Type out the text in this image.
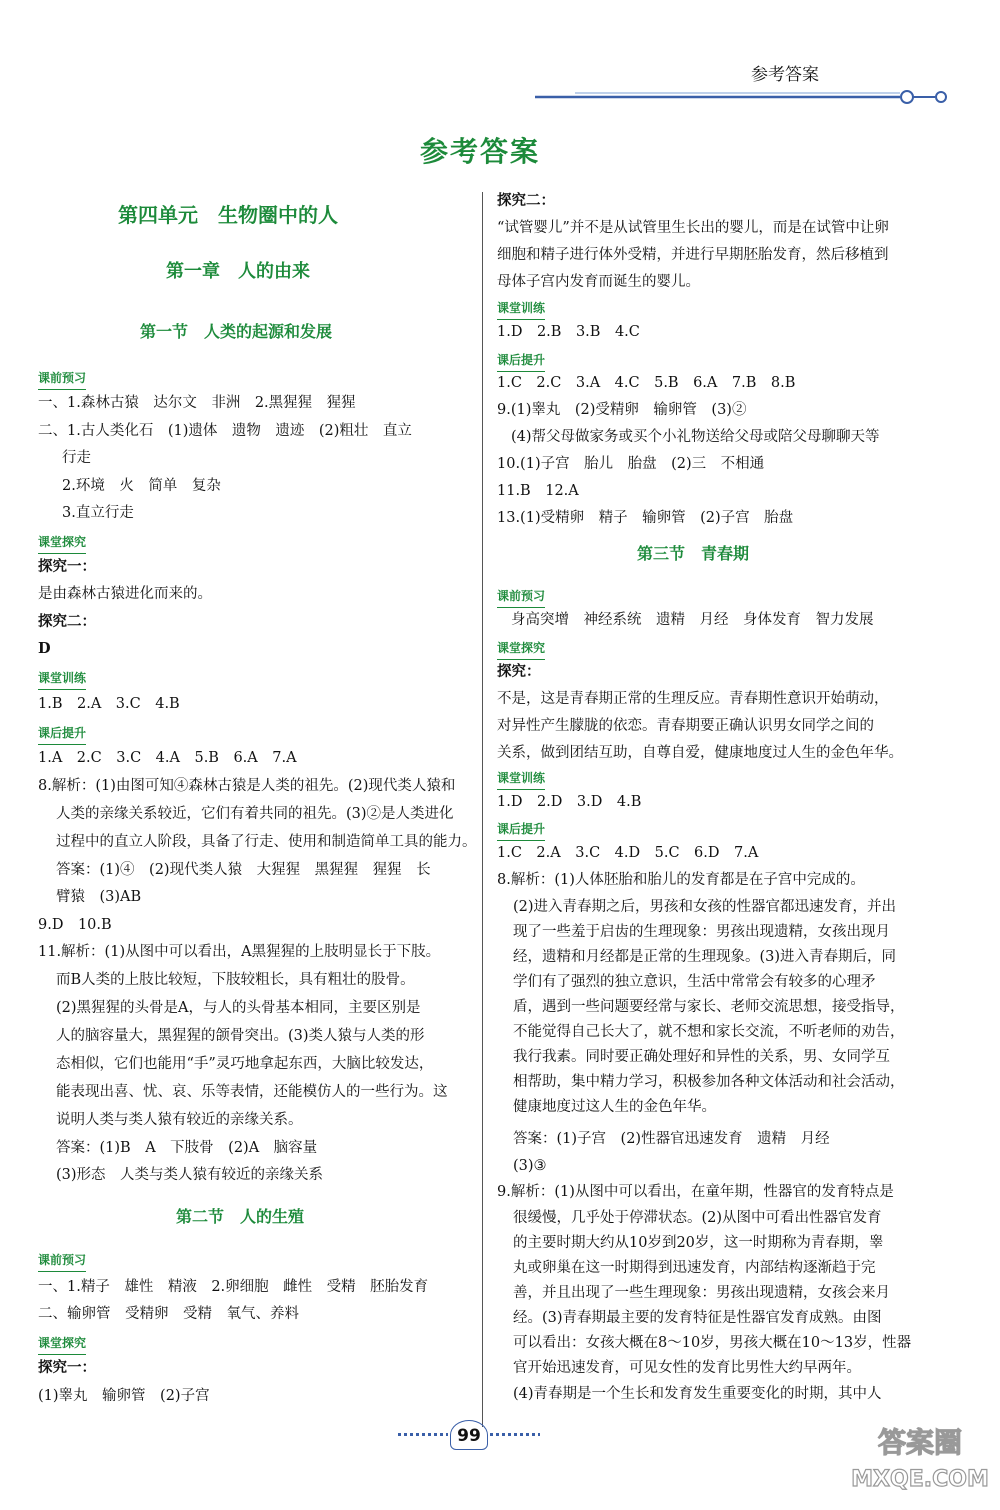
参考答案
参考答案
第四单元　生物圈中的人
第一章　人的由来
第一节　人类的起源和发展
课前预习
一、1.森林古猿　达尔文　非洲　2.黑猩猩　猩猩
二、1.古人类化石　(1)遗体　遗物　遗迹　(2)粗壮　直立
行走
2.环境　火　简单　复杂
3.直立行走
课堂探究
探究一：
是由森林古猿进化而来的。
探究二：
D
课堂训练
1.B　2.A　3.C　4.B
课后提升
1.A　2.C　3.C　4.A　5.B　6.A　7.A
8.解析：(1)由图可知④森林古猿是人类的祖先。(2)现代类人猿和
人类的亲缘关系较近，它们有着共同的祖先。(3)②是人类进化
过程中的直立人阶段，具备了行走、使用和制造简单工具的能力。
答案：(1)④　(2)现代类人猿　大猩猩　黑猩猩　猩猩　长
臂猿　(3)AB
9.D　10.B
11.解析：(1)从图中可以看出，A黑猩猩的上肢明显长于下肢。
而B人类的上肢比较短，下肢较粗长，具有粗壮的股骨。
(2)黑猩猩的头骨是A，与人的头骨基本相同，主要区别是
人的脑容量大，黑猩猩的颌骨突出。(3)类人猿与人类的形
态相似，它们也能用“手”灵巧地拿起东西，大脑比较发达，
能表现出喜、忧、哀、乐等表情，还能模仿人的一些行为。这
说明人类与类人猿有较近的亲缘关系。
答案：(1)B　A　下肢骨　(2)A　脑容量
(3)形态　人类与类人猿有较近的亲缘关系
第二节　人的生殖
课前预习
一、1.精子　雄性　精液　2.卵细胞　雌性　受精　胚胎发育
二、输卵管　受精卵　受精　氧气、养料
课堂探究
探究一：
(1)睾丸　输卵管　(2)子宫
探究二：
“试管婴儿”并不是从试管里生长出的婴儿，而是在试管中让卵
细胞和精子进行体外受精，并进行早期胚胎发育，然后移植到
母体子宫内发育而诞生的婴儿。
课堂训练
1.D　2.B　3.B　4.C
课后提升
1.C　2.C　3.A　4.C　5.B　6.A　7.B　8.B
9.(1)睾丸　(2)受精卵　输卵管　(3)②
(4)帮父母做家务或买个小礼物送给父母或陪父母聊聊天等
10.(1)子宫　胎儿　胎盘　(2)三　不相通
11.B　12.A
13.(1)受精卵　精子　输卵管　(2)子宫　胎盘
第三节　青春期
课前预习
身高突增　神经系统　遗精　月经　身体发育　智力发展
课堂探究
探究：
不是，这是青春期正常的生理反应。青春期性意识开始萌动，
对异性产生朦胧的依恋。青春期要正确认识男女同学之间的
关系，做到团结互助，自尊自爱，健康地度过人生的金色年华。
课堂训练
1.D　2.D　3.D　4.B
课后提升
1.C　2.A　3.C　4.D　5.C　6.D　7.A
8.解析：(1)人体胚胎和胎儿的发育都是在子宫中完成的。
(2)进入青春期之后，男孩和女孩的性器官都迅速发育，并出
现了一些羞于启齿的生理现象：男孩出现遗精，女孩出现月
经，遗精和月经都是正常的生理现象。(3)进入青春期后，同
学们有了强烈的独立意识，生活中常常会有较多的心理矛
盾，遇到一些问题要经常与家长、老师交流思想，接受指导，
不能觉得自己长大了，就不想和家长交流，不听老师的劝告，
我行我素。同时要正确处理好和异性的关系，男、女同学互
相帮助，集中精力学习，积极参加各种文体活动和社会活动，
健康地度过这人生的金色年华。
答案：(1)子宫　(2)性器官迅速发育　遗精　月经
(3)③
9.解析：(1)从图中可以看出，在童年期，性器官的发育特点是
很缓慢，几乎处于停滞状态。(2)从图中可看出性器官发育
的主要时期大约从10岁到20岁，这一时期称为青春期，睾
丸或卵巢在这一时期得到迅速发育，内部结构逐渐趋于完
善，并且出现了一些生理现象：男孩出现遗精，女孩会来月
经。(3)青春期最主要的发育特征是性器官发育成熟。由图
可以看出：女孩大概在8～10岁，男孩大概在10～13岁，性器
官开始迅速发育，可见女性的发育比男性大约早两年。
(4)青春期是一个生长和发育发生重要变化的时期，其中人
99	答案圈
MXQE.COM
